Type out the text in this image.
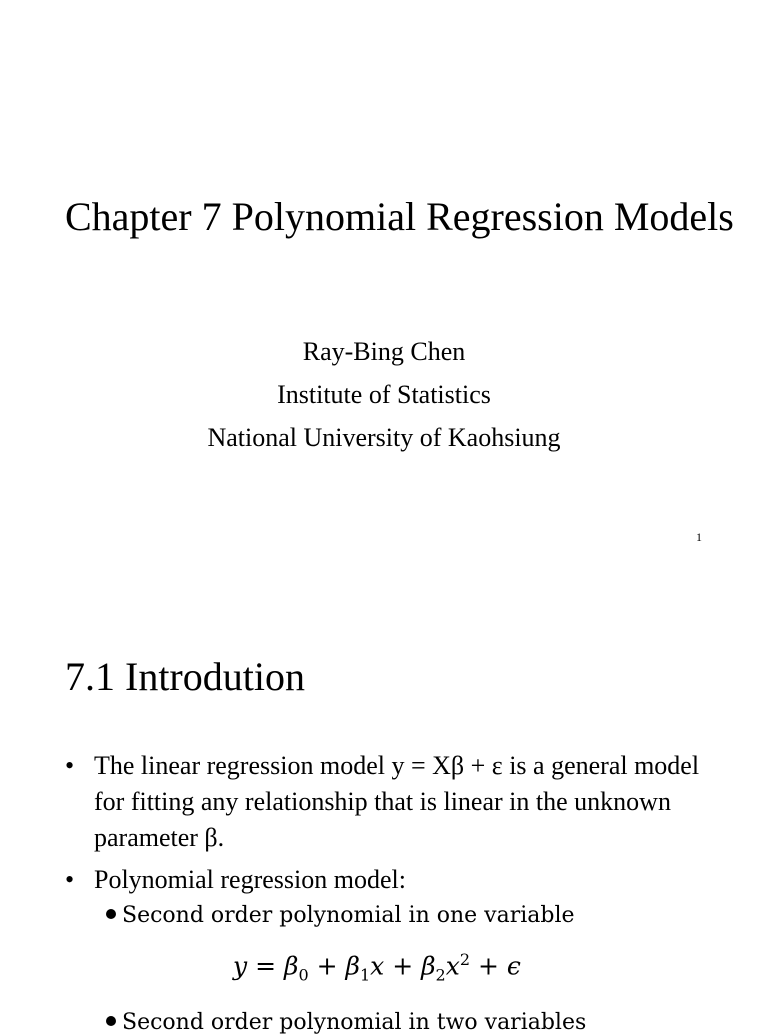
Chapter 7 Polynomial Regression Models
Ray-Bing Chen
Institute of Statistics
National University of Kaohsiung
1
7.1 Introdution
• The linear regression model y = Xβ + ε is a general model for fitting any relationship that is linear in the unknown parameter β.
• Polynomial regression model:
Second order polynomial in one variable
Second order polynomial in two variables
$y = \beta_0 + \beta_1x + \beta_2x^2 + \epsilon$
